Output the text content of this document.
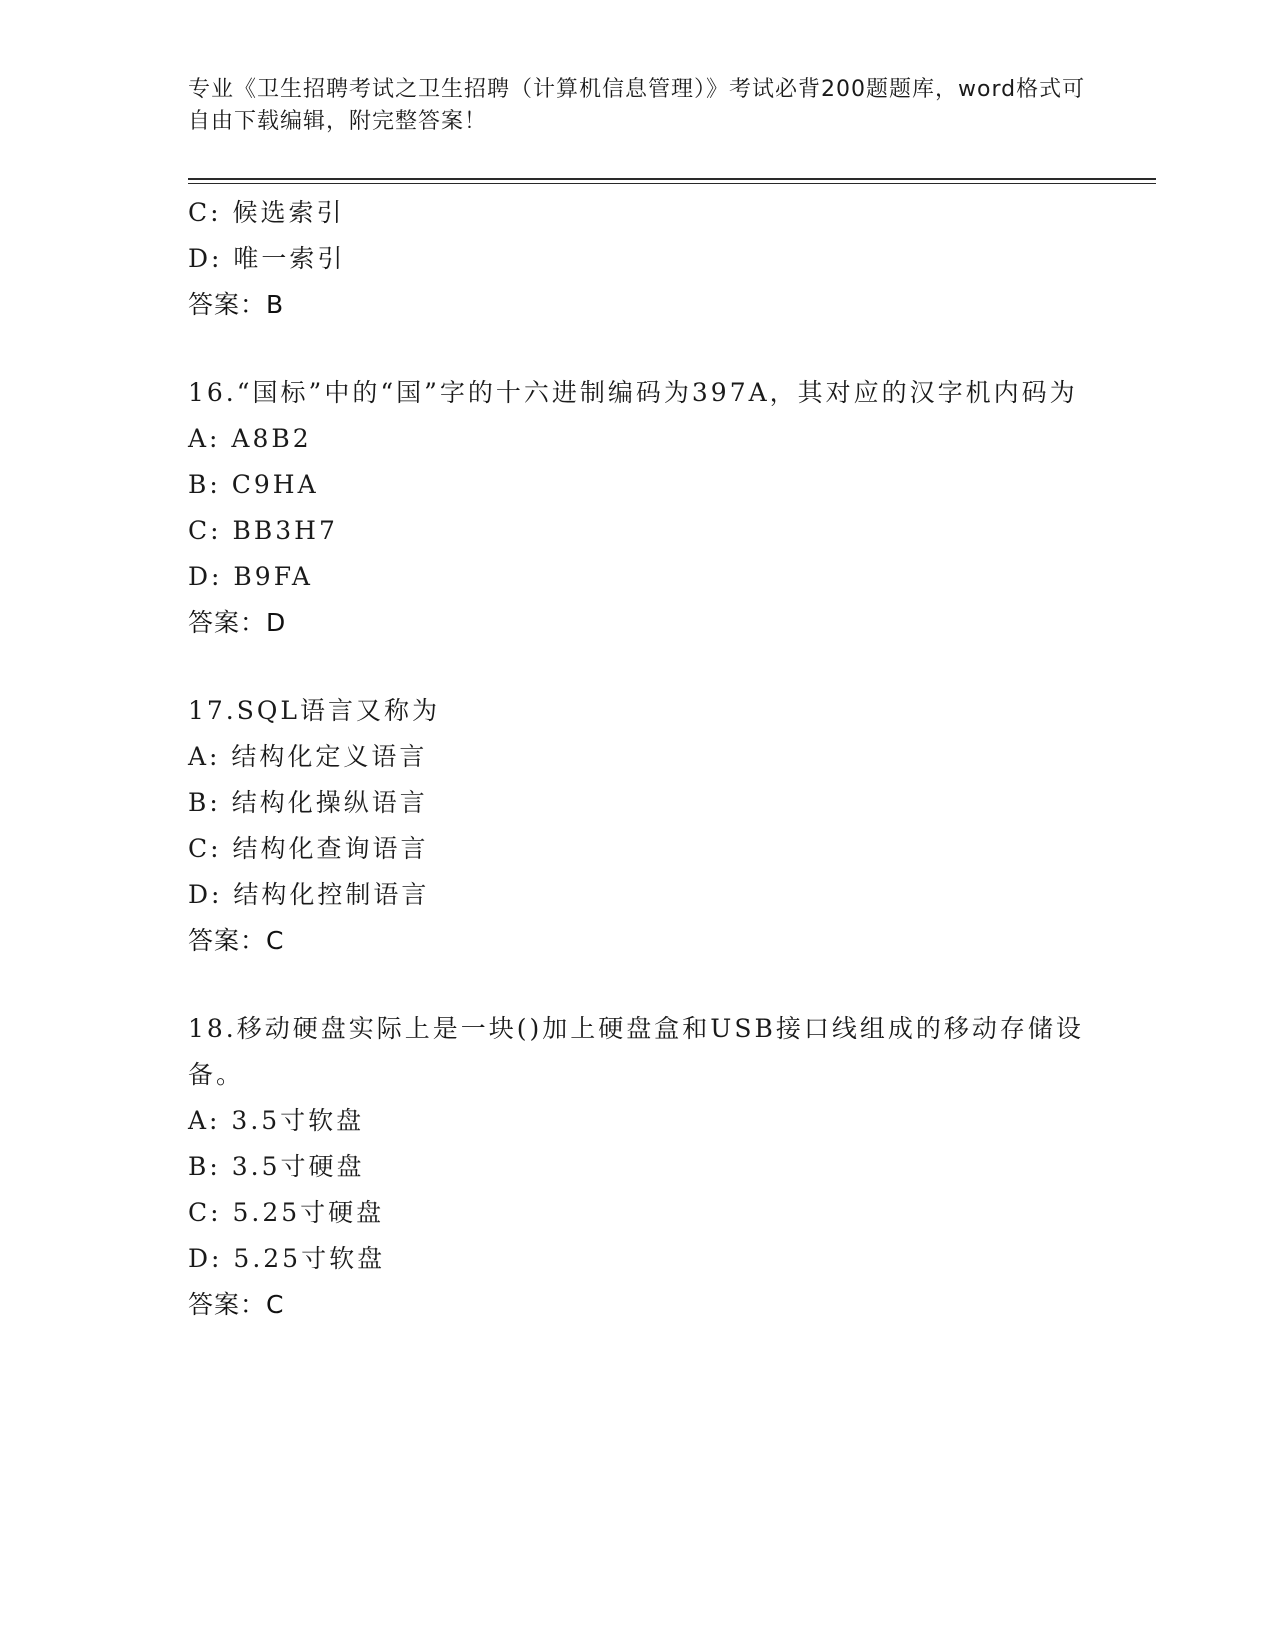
专业《卫生招聘考试之卫生招聘（计算机信息管理）》考试必背200题题库，word格式可自由下载编辑，附完整答案！
C: 候选索引
D: 唯一索引
答案：B
16.“国标”中的“国”字的十六进制编码为397A，其对应的汉字机内码为
A: A8B2
B: C9HA
C: BB3H7
D: B9FA
答案：D
17.SQL语言又称为
A: 结构化定义语言
B: 结构化操纵语言
C: 结构化查询语言
D: 结构化控制语言
答案：C
18.移动硬盘实际上是一块()加上硬盘盒和USB接口线组成的移动存储设备。
A: 3.5寸软盘
B: 3.5寸硬盘
C: 5.25寸硬盘
D: 5.25寸软盘
答案：C
